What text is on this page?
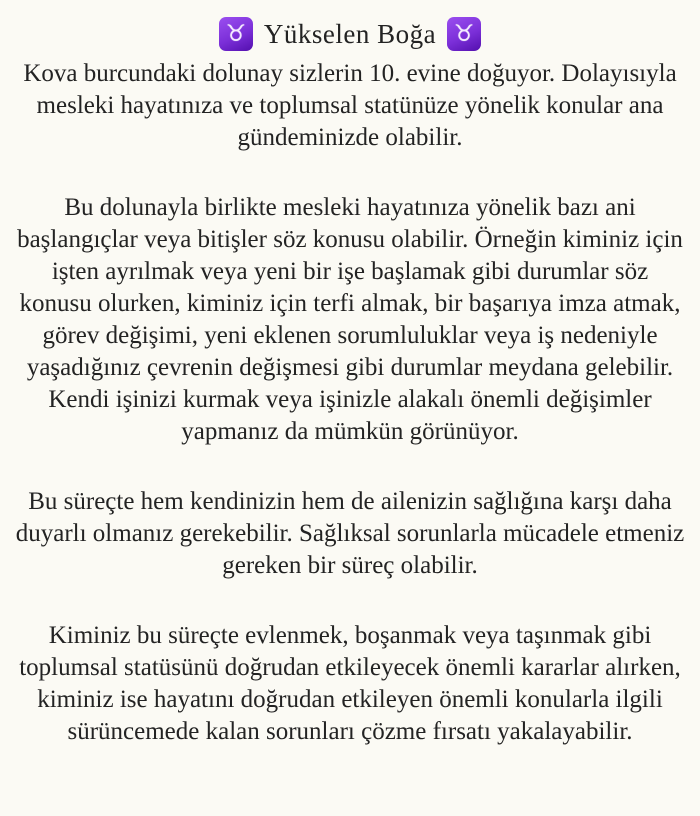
♉ Yükselen Boğa ♉

Kova burcundaki dolunay sizlerin 10. evine doğuyor. Dolayısıyla mesleki hayatınıza ve toplumsal statünüze yönelik konular ana gündeminizde olabilir.

Bu dolunayla birlikte mesleki hayatınıza yönelik bazı ani başlangıçlar veya bitişler söz konusu olabilir. Örneğin kiminiz için işten ayrılmak veya yeni bir işe başlamak gibi durumlar söz konusu olurken, kiminiz için terfi almak, bir başarıya imza atmak, görev değişimi, yeni eklenen sorumluluklar veya iş nedeniyle yaşadığınız çevrenin değişmesi gibi durumlar meydana gelebilir. Kendi işinizi kurmak veya işinizle alakalı önemli değişimler yapmanız da mümkün görünüyor.

Bu süreçte hem kendinizin hem de ailenizin sağlığına karşı daha duyarlı olmanız gerekebilir. Sağlıksal sorunlarla mücadele etmeniz gereken bir süreç olabilir.

Kiminiz bu süreçte evlenmek, boşanmak veya taşınmak gibi toplumsal statüsünü doğrudan etkileyecek önemli kararlar alırken, kiminiz ise hayatını doğrudan etkileyen önemli konularla ilgili sürüncemede kalan sorunları çözme fırsatı yakalayabilir.
